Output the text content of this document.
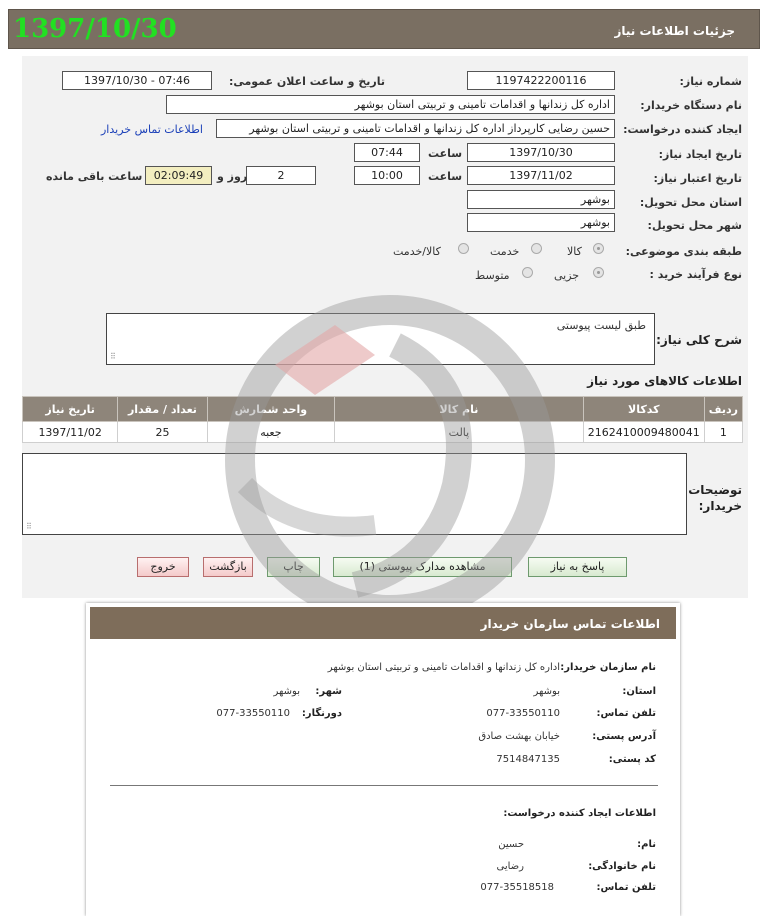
1397/10/30	جزئیات اطلاعات نیاز
شماره نیاز:
1197422200116
تاریخ و ساعت اعلان عمومی:
1397/10/30 - 07:46
نام دستگاه خریدار:
اداره کل زندانها و اقدامات تامینی و تربیتی استان بوشهر
ایجاد کننده درخواست:
حسین رضایی کارپرداز اداره کل زندانها و اقدامات تامینی و تربیتی استان بوشهر
اطلاعات تماس خریدار
تاریخ ایجاد نیاز:
1397/10/30
ساعت
07:44
تاریخ اعتبار نیاز:
1397/11/02
ساعت
10:00
2
روز و
02:09:49
ساعت باقی مانده
استان محل تحویل:
بوشهر
شهر محل تحویل:
بوشهر
طبقه بندی موضوعی:
کالا
خدمت
کالا/خدمت
نوع فرآیند خرید :
جزیی
متوسط
شرح کلی نیاز:
طبق لیست پیوستی
⠿
اطلاعات کالاهای مورد نیاز
تاریخ نیاز	تعداد / مقدار	واحد شمارش	نام کالا	کدکالا	ردیف
1397/11/02	25	جعبه	پالت	2162410009480041	1
توضیحات خریدار:
⠿
پاسخ به نیاز
مشاهده مدارک پیوستی (1)
چاپ
بازگشت
خروج
اطلاعات تماس سازمان خریدار
نام سازمان خریدار:
اداره کل زندانها و اقدامات تامینی و تربیتی استان بوشهر
استان:
بوشهر
شهر:
بوشهر
تلفن تماس:
077-33550110
دورنگار:
077-33550110
آدرس پستی:
خیابان بهشت صادق
کد پستی:
7514847135
اطلاعات ایجاد کننده درخواست:
نام:
حسین
نام خانوادگی:
رضایی
تلفن تماس:
077-35518518
